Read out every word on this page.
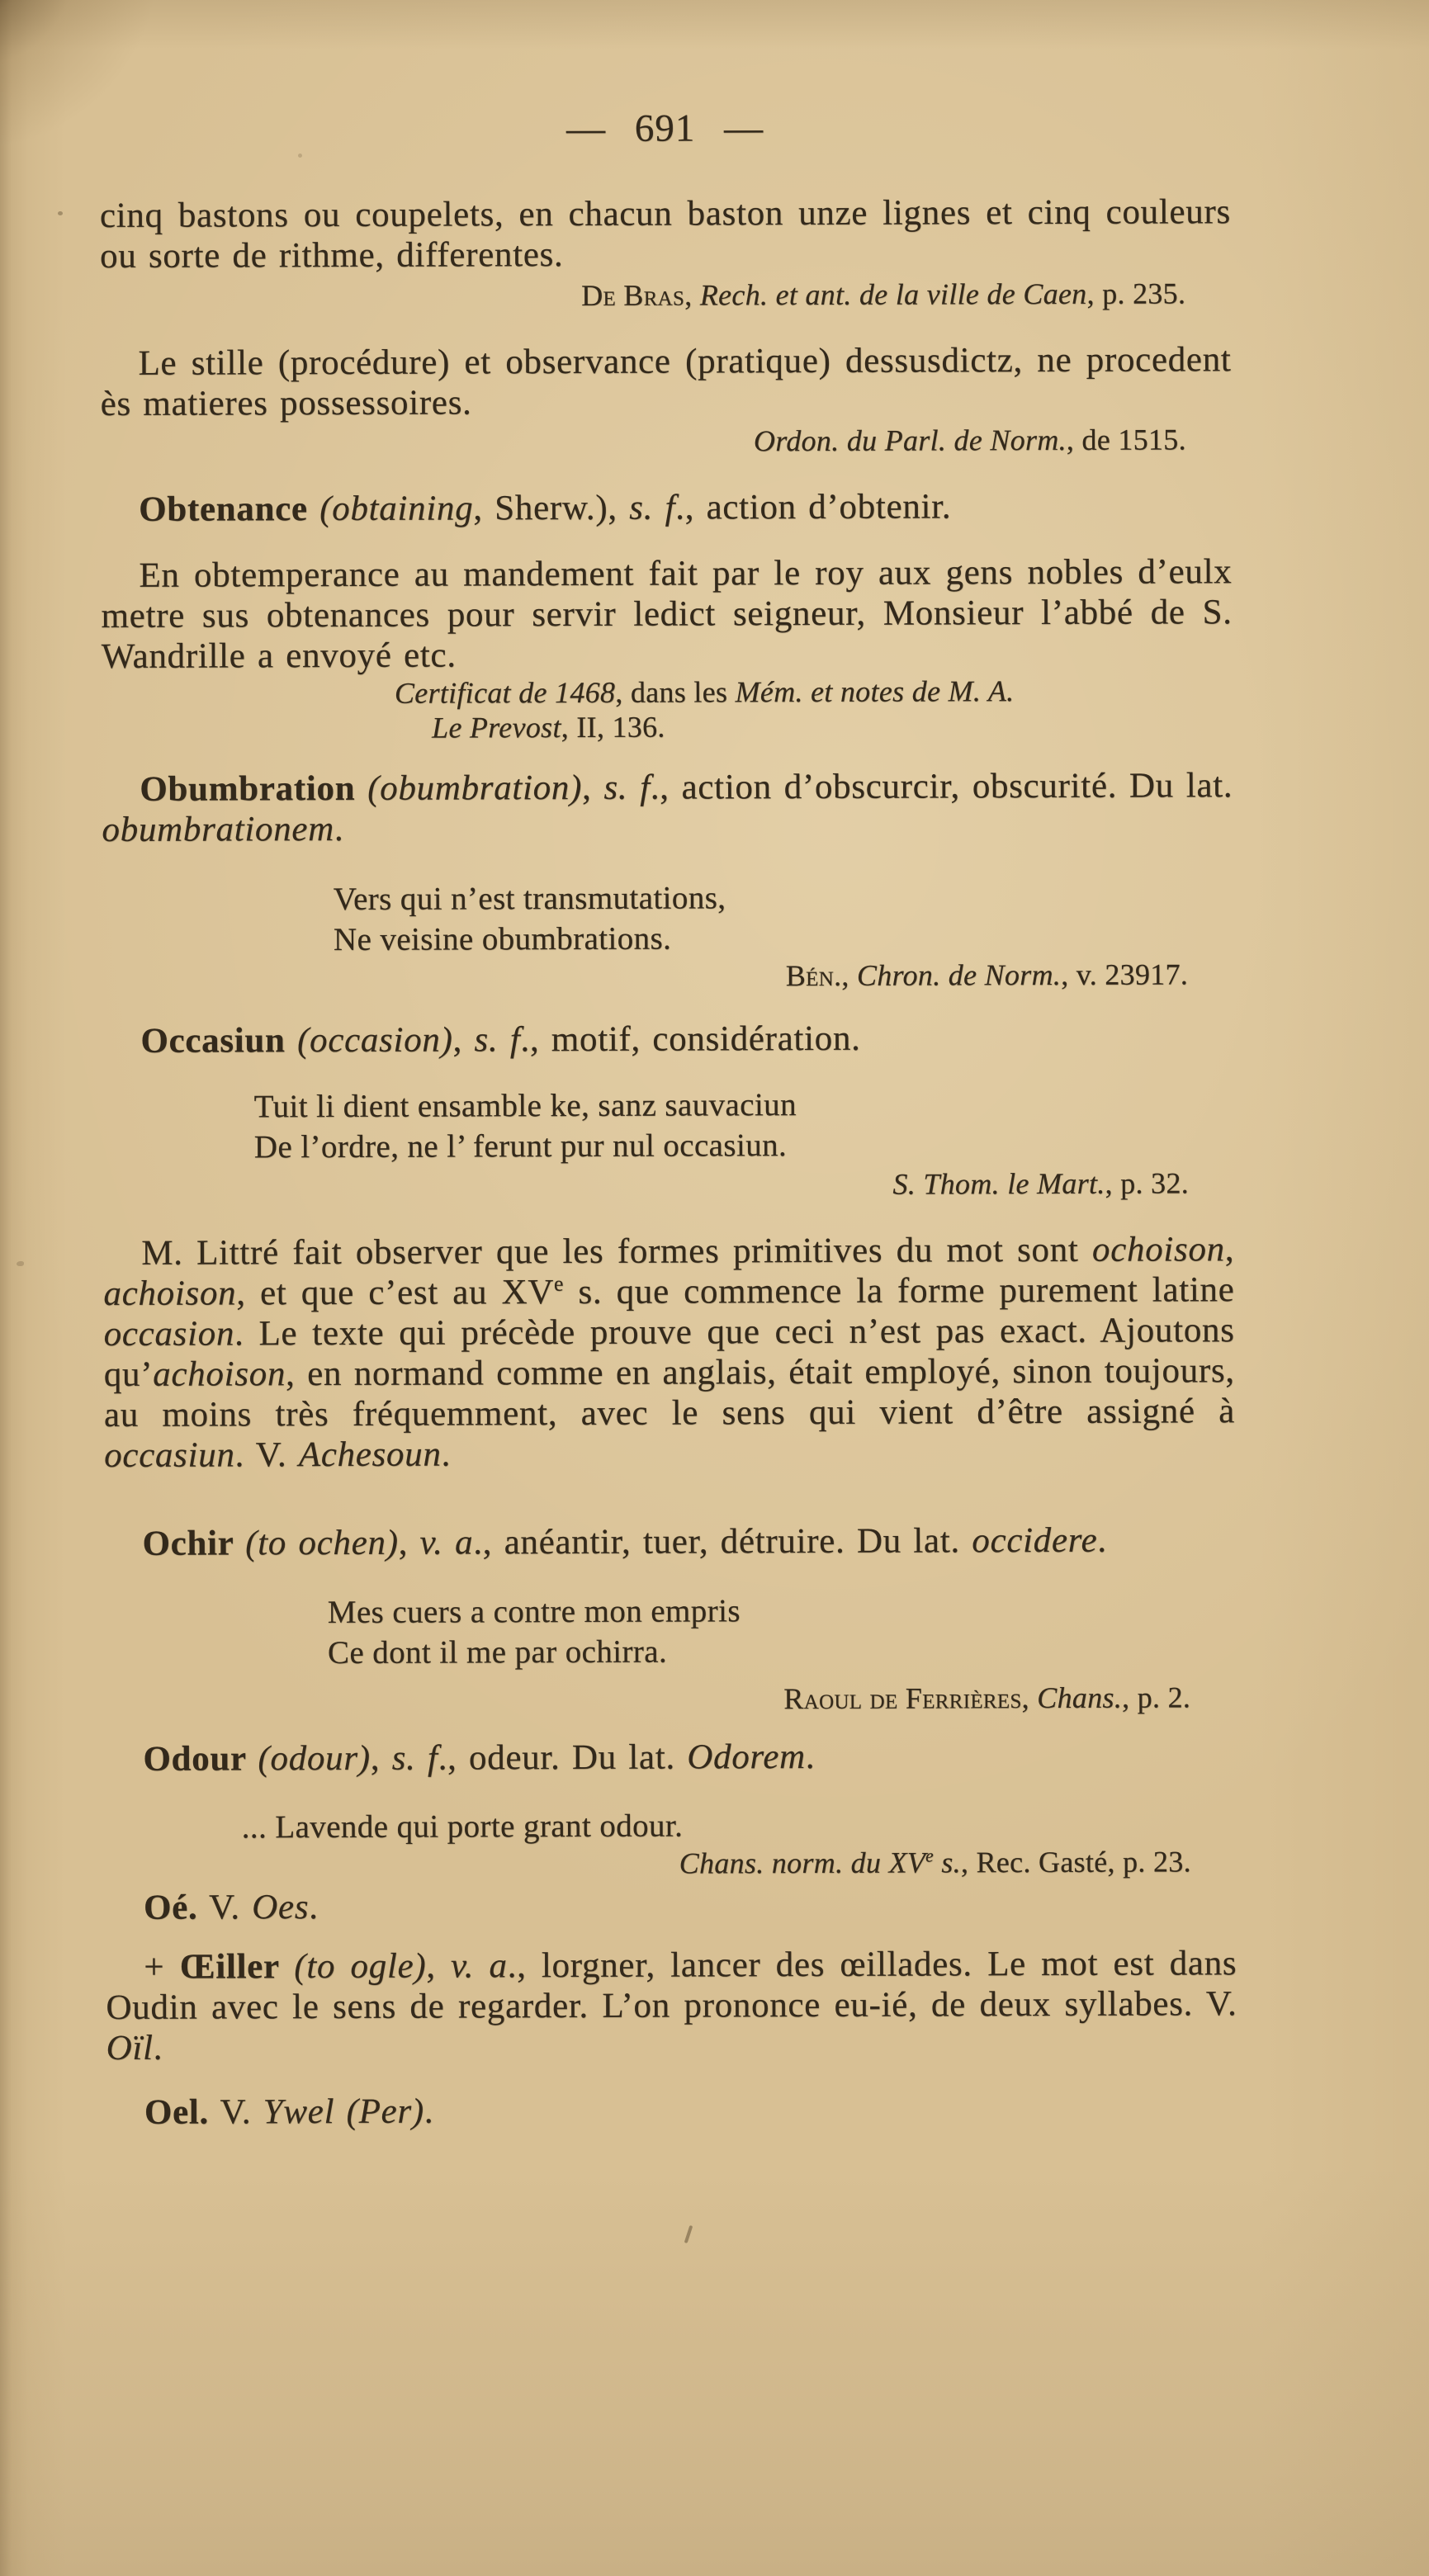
— 691 —
cinq bastons ou coupelets, en chacun baston unze lignes et cinq couleurs ou sorte de rithme, differentes.
De Bras, Rech. et ant. de la ville de Caen, p. 235.
Le stille (procédure) et observance (pratique) dessusdictz, ne procedent ès matieres possessoires.
Ordon. du Parl. de Norm., de 1515.
Obtenance (obtaining, Sherw.), s. f., action d’obtenir.
En obtemperance au mandement fait par le roy aux gens nobles d’eulx metre sus obtenances pour servir ledict seigneur, Monsieur l’abbé de S. Wandrille a envoyé etc.
Certificat de 1468, dans les Mém. et notes de M. A.
Le Prevost, II, 136.
Obumbration (obumbration), s. f., action d’obscurcir, obscurité. Du lat. obumbrationem.
Vers qui n’est transmutations,
Ne veisine obumbrations.
Bén., Chron. de Norm., v. 23917.
Occasiun (occasion), s. f., motif, considération.
Tuit li dient ensamble ke, sanz sauvaciun
De l’ordre, ne l’ ferunt pur nul occasiun.
S. Thom. le Mart., p. 32.
M. Littré fait observer que les formes primitives du mot sont ochoison, achoison, et que c’est au XVe s. que commence la forme purement latine occasion. Le texte qui précède prouve que ceci n’est pas exact. Ajoutons qu’achoison, en normand comme en anglais, était employé, sinon toujours, au moins très fréquemment, avec le sens qui vient d’être assigné à occasiun. V. Achesoun.
Ochir (to ochen), v. a., anéantir, tuer, détruire. Du lat. occidere.
Mes cuers a contre mon empris
Ce dont il me par ochirra.
Raoul de Ferrières, Chans., p. 2.
Odour (odour), s. f., odeur. Du lat. Odorem.
... Lavende qui porte grant odour.
Chans. norm. du XVe s., Rec. Gasté, p. 23.
Oé. V. Oes.
+ Œiller (to ogle), v. a., lorgner, lancer des œillades. Le mot est dans Oudin avec le sens de regarder. L’on prononce eu-ié, de deux syllabes. V. Oïl.
Oel. V. Ywel (Per).
